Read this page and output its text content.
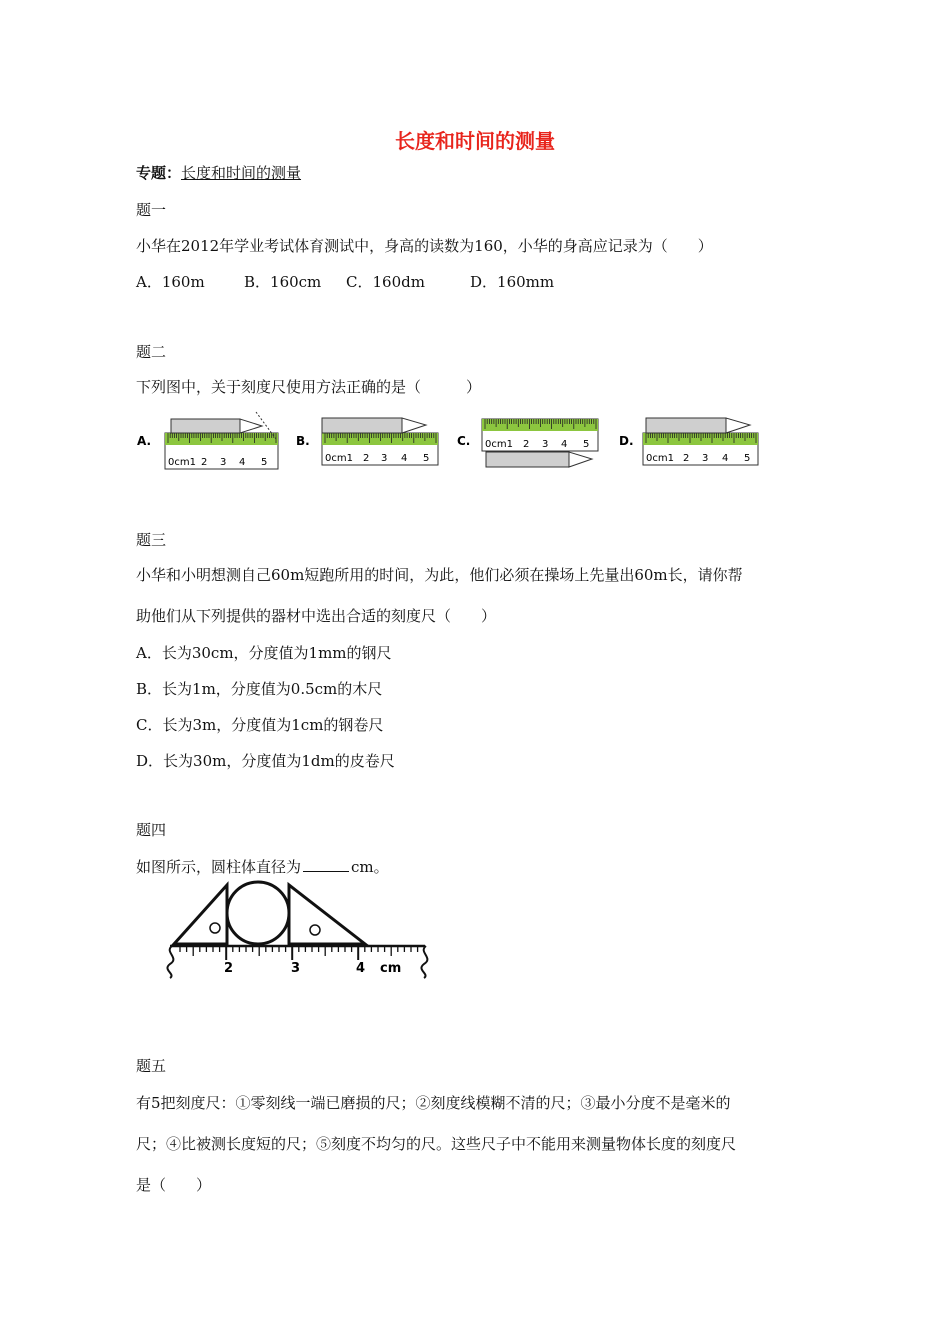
长度和时间的测量
专题：长度和时间的测量
题一
小华在2012年学业考试体育测试中，身高的读数为160，小华的身高应记录为（　　）
A．160m	B．160cm C．160dm	D．160mm
题二
下列图中，关于刻度尺使用方法正确的是（　　　）
A.
0cm1 2 3 4 5
B.
0cm1 2 3 4 5
C. 0cm1 2 3 4 5 D.
0cm1 2 3 4 5
题三
小华和小明想测自己60m短跑所用的时间，为此，他们必须在操场上先量出60m长，请你帮
助他们从下列提供的器材中选出合适的刻度尺（　　）
A．长为30cm，分度值为1mm的钢尺
B．长为1m，分度值为0.5cm的木尺
C．长为3m，分度值为1cm的钢卷尺
D．长为30m，分度值为1dm的皮卷尺
题四
如图所示，圆柱体直径为	cm。
2	3	4 cm
题五
有5把刻度尺：①零刻线一端已磨损的尺；②刻度线模糊不清的尺；③最小分度不是毫米的
尺；④比被测长度短的尺；⑤刻度不均匀的尺。这些尺子中不能用来测量物体长度的刻度尺
是（　　）
